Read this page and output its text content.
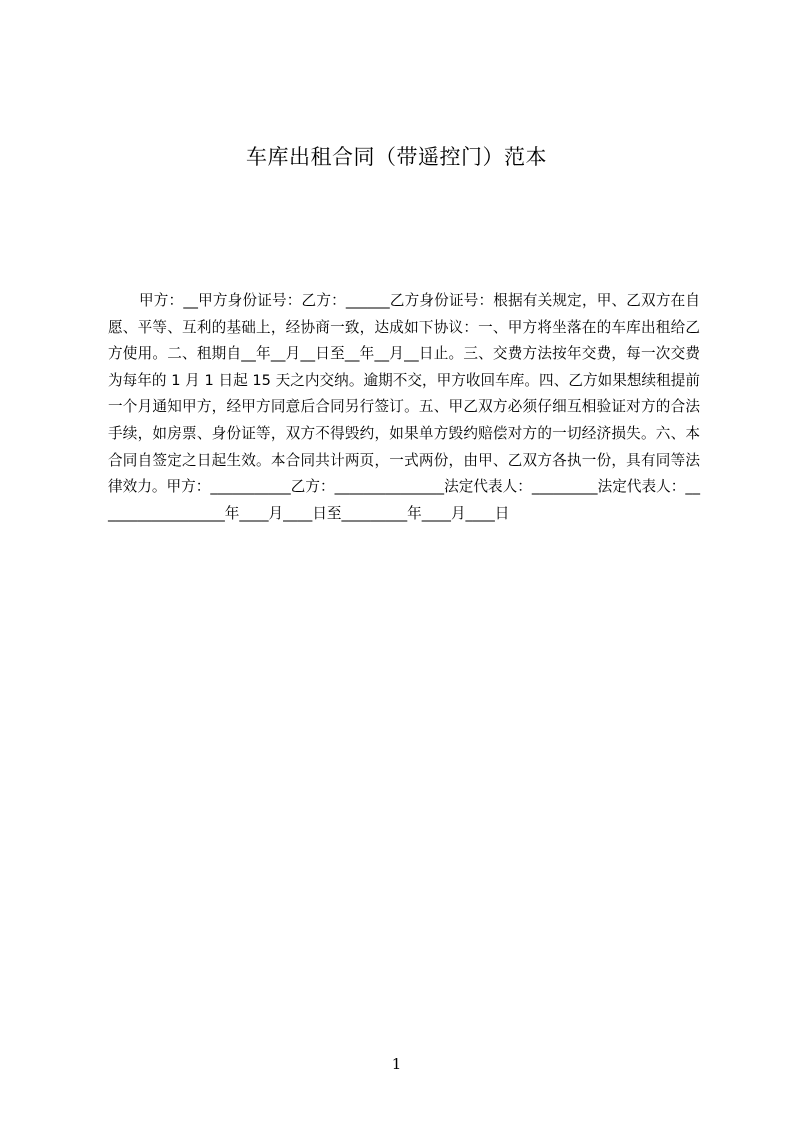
车库出租合同（带遥控门）范本

甲方：__甲方身份证号：乙方：______乙方身份证号：根据有关规定，甲、乙双方在自愿、平等、互利的基础上，经协商一致，达成如下协议：一、甲方将坐落在的车库出租给乙方使用。二、租期自__年__月__日至__年__月__日止。三、交费方法按年交费，每一次交费为每年的 1 月 1 日起 15 天之内交纳。逾期不交，甲方收回车库。四、乙方如果想续租提前一个月通知甲方，经甲方同意后合同另行签订。五、甲乙双方必须仔细互相验证对方的合法手续，如房票、身份证等，双方不得毁约，如果单方毁约赔偿对方的一切经济损失。六、本合同自签定之日起生效。本合同共计两页，一式两份，由甲、乙双方各执一份，具有同等法律效力。甲方：___________乙方：_______________法定代表人：_________法定代表人：__________________年____月____日至_________年____月____日

1
